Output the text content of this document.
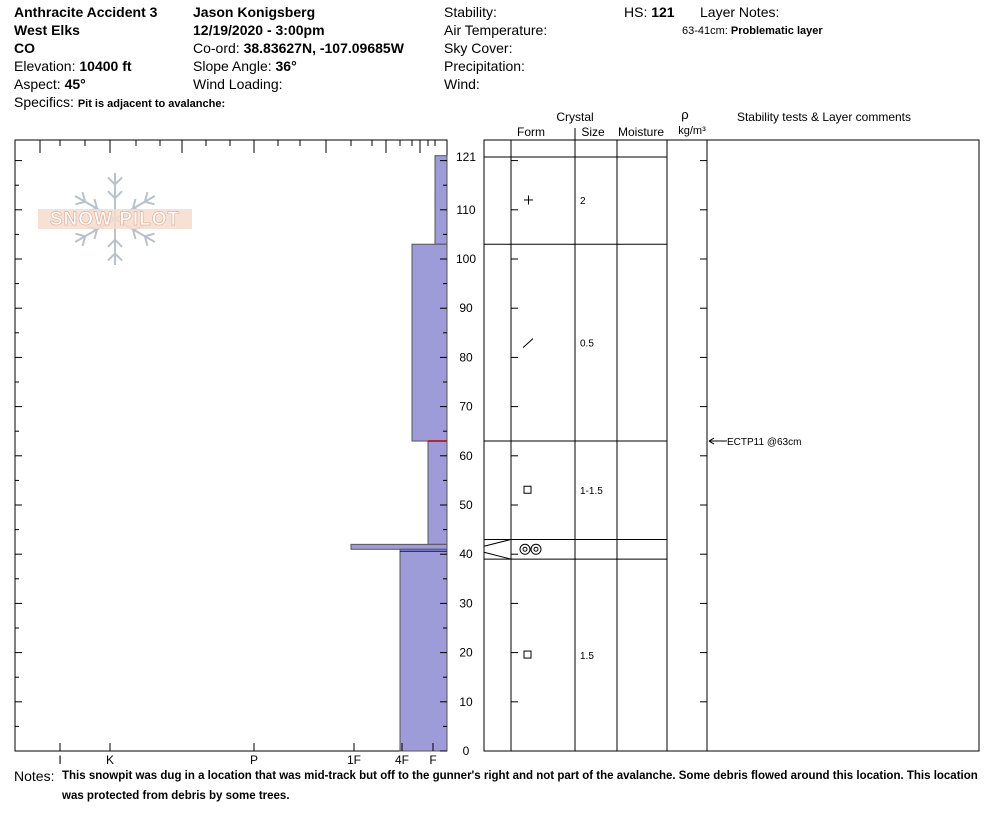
Anthracite Accident 3
West Elks
CO
Elevation: 10400 ft
Aspect: 45°
Jason Konigsberg
12/19/2020 - 3:00pm
Co-ord: 38.83627N, -107.09685W
Slope Angle: 36°
Wind Loading:
Stability:
Air Temperature:
Sky Cover:
Precipitation:
Wind:
HS: 121 Layer Notes:
63-41cm: Problematic layer
Specifics: Pit is adjacent to avalanche:
SNOW PILOT
I	K	P	1F	4F F
121
110
100
90
80
70
60
50
40
30
20
10
0
Crystal
Form	Size Moisture
ρ
kg/m³
Stability tests & Layer comments
2
0.5
1-1.5
1.5
ECTP11 @63cm
Notes: This snowpit was dug in a location that was mid-track but off to the gunner's right and not part of the avalanche. Some debris flowed around this location. This location was protected from debris by some trees.
